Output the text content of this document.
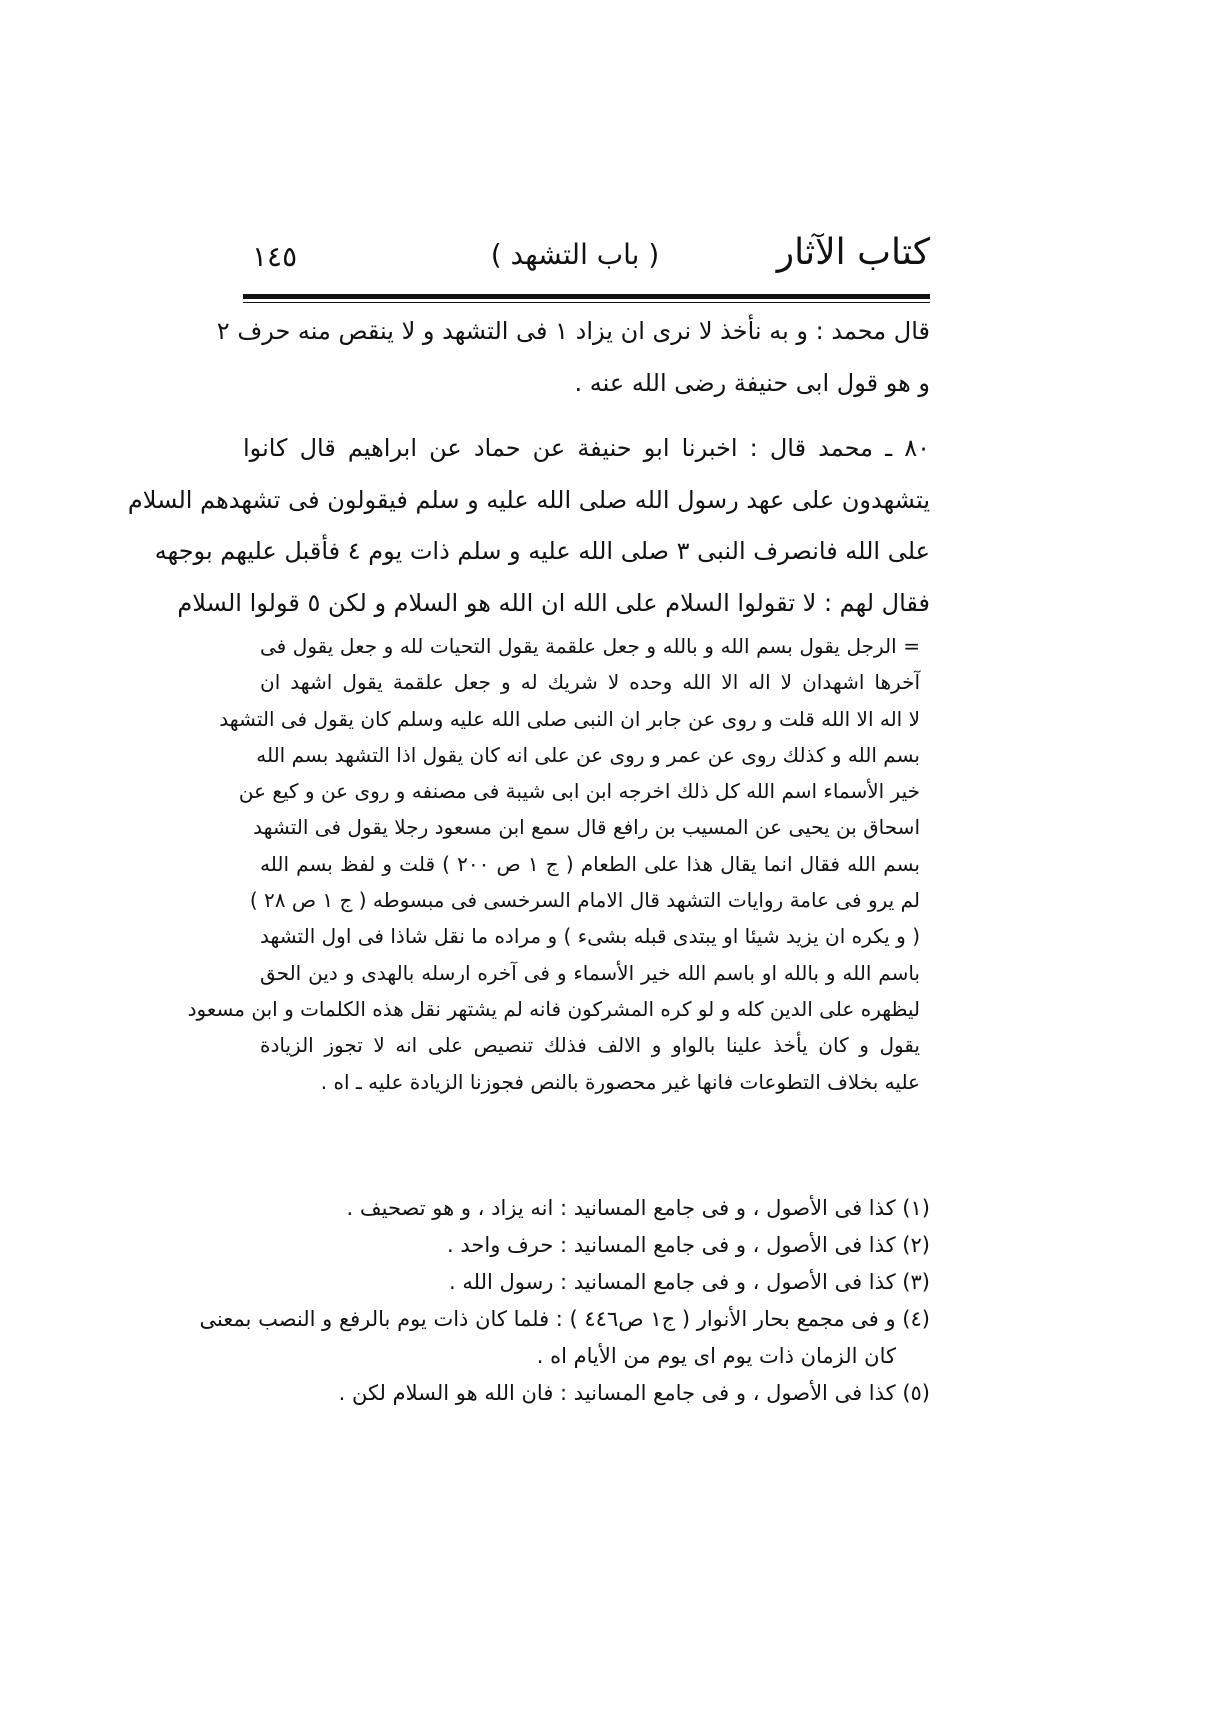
كتاب الآثار
( باب التشهد )
١٤٥

قال محمد : و به نأخذ لا نرى ان يزاد ۱ فى التشهد و لا ينقص منه حرف ۲
و هو قول ابى حنيفة رضى الله عنه .

٨٠ ـ محمد قال : اخبرنا ابو حنيفة عن حماد عن ابراهيم قال كانوا
يتشهدون على عهد رسول الله صلى الله عليه و سلم فيقولون فى تشهدهم السلام
على الله فانصرف النبى ۳ صلى الله عليه و سلم ذات يوم ٤ فأقبل عليهم بوجهه
فقال لهم : لا تقولوا السلام على الله ان الله هو السلام و لكن ٥ قولوا السلام

= الرجل يقول بسم الله و بالله و جعل علقمة يقول التحيات لله و جعل يقول فى
آخرها اشهدان لا اله الا الله وحده لا شريك له و جعل علقمة يقول اشهد ان
لا اله الا الله قلت و روى عن جابر ان النبى صلى الله عليه وسلم كان يقول فى التشهد
بسم الله و كذلك روى عن عمر و روى عن على انه كان يقول اذا التشهد بسم الله
خير الأسماء اسم الله كل ذلك اخرجه ابن ابى شيبة فى مصنفه و روى عن و كيع عن
اسحاق بن يحيى عن المسيب بن رافع قال سمع ابن مسعود رجلا يقول فى التشهد
بسم الله فقال انما يقال هذا على الطعام ( ج ١ ص ٢٠٠ ) قلت و لفظ بسم الله
لم يرو فى عامة روايات التشهد قال الامام السرخسى فى مبسوطه ( ج ١ ص ٢٨ )
( و يكره ان يزيد شيئا او يبتدى قبله بشىء ) و مراده ما نقل شاذا فى اول التشهد
باسم الله و بالله او باسم الله خير الأسماء و فى آخره ارسله بالهدى و دين الحق
ليظهره على الدين كله و لو كره المشركون فانه لم يشتهر نقل هذه الكلمات و ابن مسعود
يقول و كان يأخذ علينا بالواو و الالف فذلك تنصيص على انه لا تجوز الزيادة
عليه بخلاف التطوعات فانها غير محصورة بالنص فجوزنا الزيادة عليه ـ اه .
(١) كذا فى الأصول ، و فى جامع المسانيد : انه يزاد ، و هو تصحيف .
(٢) كذا فى الأصول ، و فى جامع المسانيد : حرف واحد .
(٣) كذا فى الأصول ، و فى جامع المسانيد : رسول الله .
(٤) و فى مجمع بحار الأنوار ( ج١ ص٤٤٦ ) : فلما كان ذات يوم بالرفع و النصب بمعنى
كان الزمان ذات يوم اى يوم من الأيام اه .
(٥) كذا فى الأصول ، و فى جامع المسانيد : فان الله هو السلام لكن .
